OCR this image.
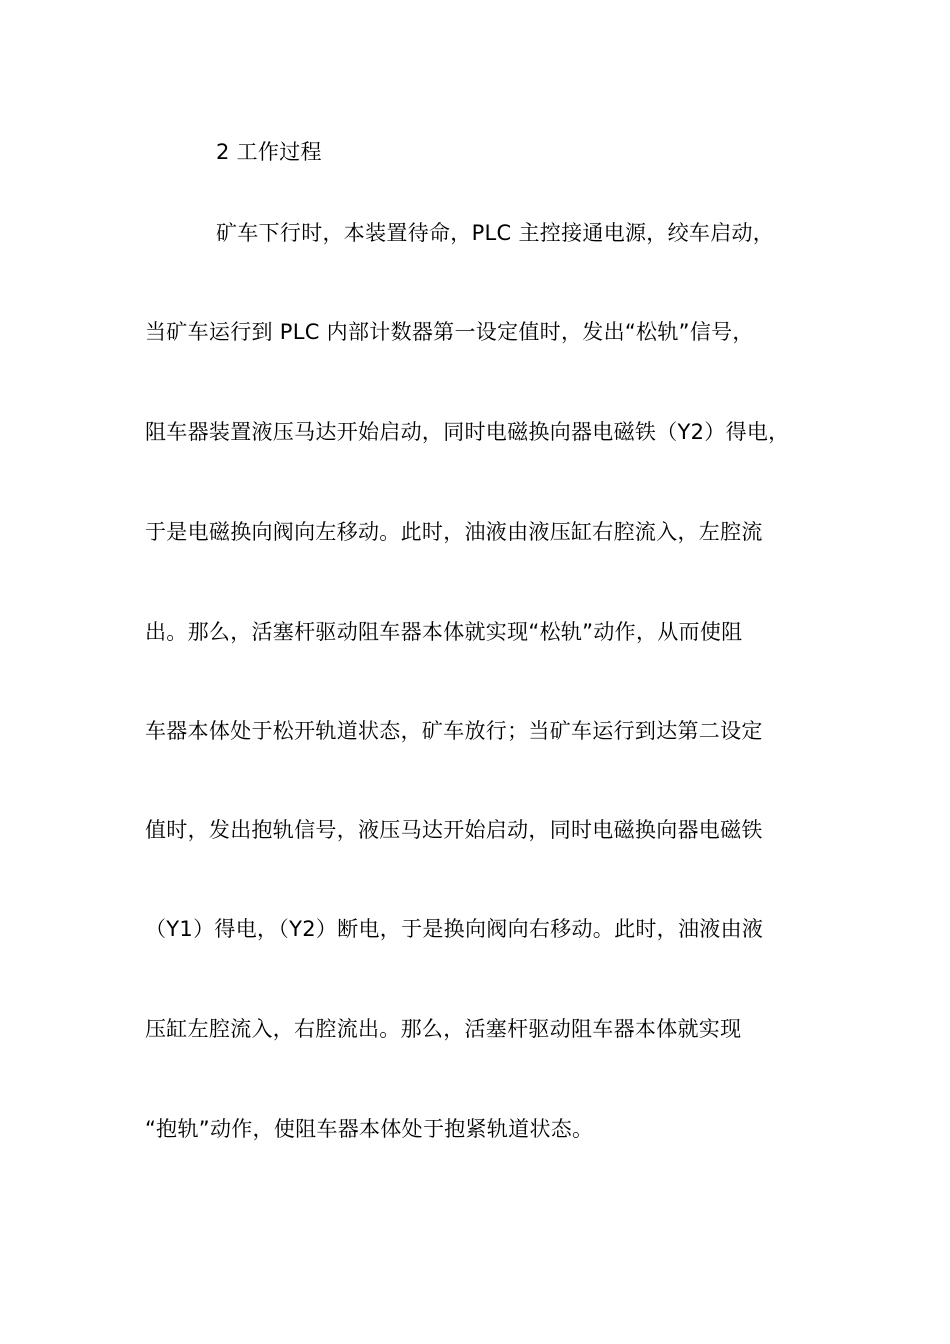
2 工作过程
矿车下行时，本装置待命，PLC 主控接通电源，绞车启动，
当矿车运行到 PLC 内部计数器第一设定值时，发出“松轨”信号，
阻车器装置液压马达开始启动，同时电磁换向器电磁铁（Y2）得电，
于是电磁换向阀向左移动。此时，油液由液压缸右腔流入，左腔流
出。那么，活塞杆驱动阻车器本体就实现“松轨”动作，从而使阻
车器本体处于松开轨道状态，矿车放行；当矿车运行到达第二设定
值时，发出抱轨信号，液压马达开始启动，同时电磁换向器电磁铁
（Y1）得电，（Y2）断电，于是换向阀向右移动。此时，油液由液
压缸左腔流入，右腔流出。那么，活塞杆驱动阻车器本体就实现
“抱轨”动作，使阻车器本体处于抱紧轨道状态。
